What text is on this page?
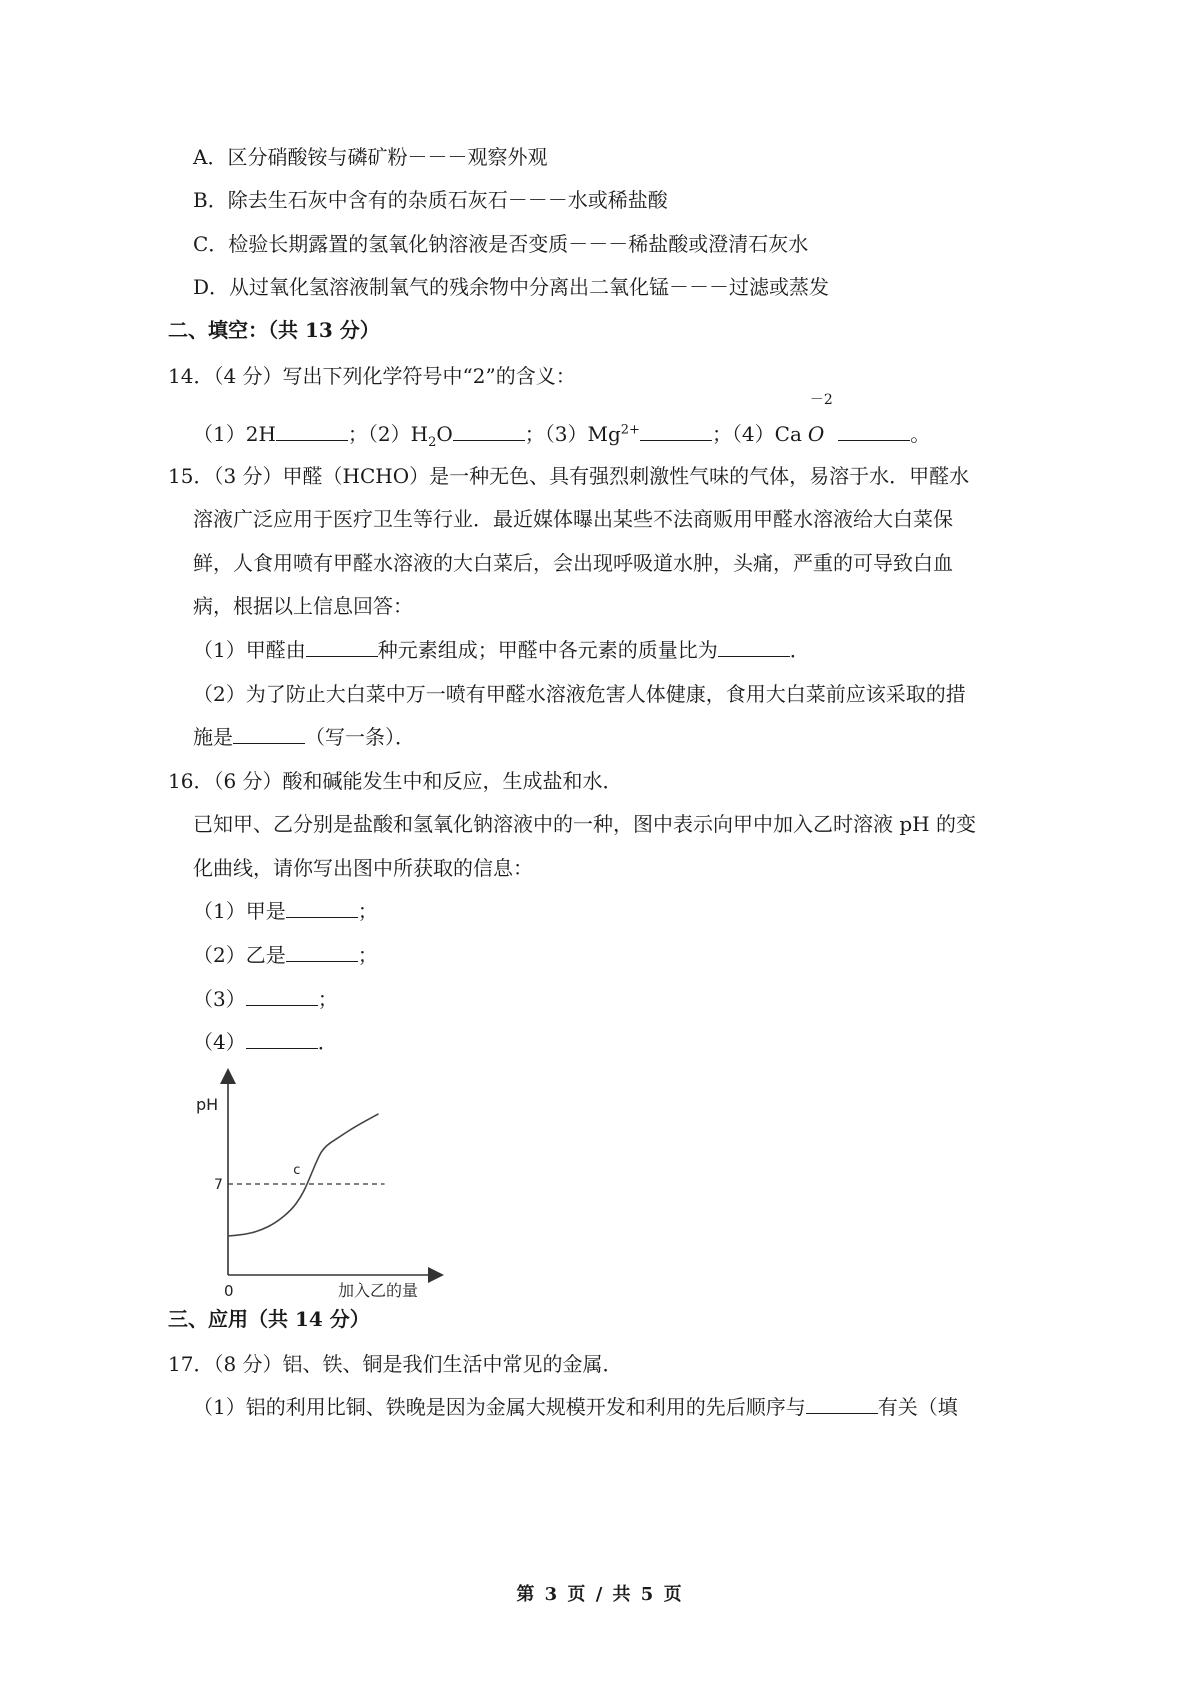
A．区分硝酸铵与磷矿粉－－－观察外观
B．除去生石灰中含有的杂质石灰石－－－水或稀盐酸
C．检验长期露置的氢氧化钠溶液是否变质－－－稀盐酸或澄清石灰水
D．从过氧化氢溶液制氧气的残余物中分离出二氧化锰－－－过滤或蒸发
二、填空：（共 13 分）
14．（4 分）写出下列化学符号中“2”的含义：
（1）2H	；$(2)H_2O$	；$(3)Mg^{2+}$	；（4）Ca
－2
O	。
15．（3 分）甲醛（HCHO）是一种无色、具有强烈刺激性气味的气体，易溶于水．甲醛水
溶液广泛应用于医疗卫生等行业．最近媒体曝出某些不法商贩用甲醛水溶液给大白菜保
鲜，人食用喷有甲醛水溶液的大白菜后，会出现呼吸道水肿，头痛，严重的可导致白血
病，根据以上信息回答：
（1）甲醛由	种元素组成；甲醛中各元素的质量比为	．
（2）为了防止大白菜中万一喷有甲醛水溶液危害人体健康，食用大白菜前应该采取的措
施是	（写一条）．
16．（6 分）酸和碱能发生中和反应，生成盐和水．
已知甲、乙分别是盐酸和氢氧化钠溶液中的一种，图中表示向甲中加入乙时溶液 pH 的变
化曲线，请你写出图中所获取的信息：
（1）甲是	；
（2）乙是	；
（3）	；
（4）	．
pH
7
c
0	加入乙的量
三、应用（共 14 分）
17．（8 分）铝、铁、铜是我们生活中常见的金属．
（1）铝的利用比铜、铁晚是因为金属大规模开发和利用的先后顺序与	有关（填
第 3 页 / 共 5 页
